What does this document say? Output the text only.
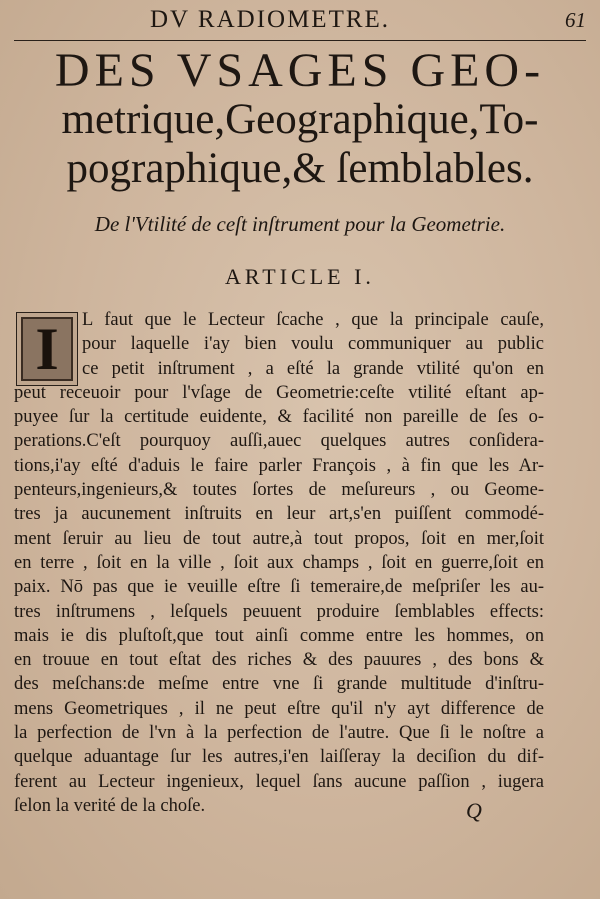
DV RADIOMETRE.	61
DES VSAGES GEO-
metrique,Geographique,To-
pographique,& ſemblables.
De l'Vtilité de ceſt inſtrument pour la Geometrie.
ARTICLE I.
I	L faut que le Lecteur ſcache , que la principale cauſe,
pour laquelle i'ay bien voulu communiquer au public
ce petit inſtrument , a eſté la grande vtilité qu'on en
peut receuoir pour l'vſage de Geometrie:ceſte vtilité eſtant ap-
puyee ſur la certitude euidente, & facilité non pareille de ſes o-
perations.C'eſt pourquoy auſſi,auec quelques autres conſidera-
tions,i'ay eſté d'aduis le faire parler François , à fin que les Ar-
penteurs,ingenieurs,& toutes ſortes de meſureurs , ou Geome-
tres ja aucunement inſtruits en leur art,s'en puiſſent commodé-
ment ſeruir au lieu de tout autre,à tout propos, ſoit en mer,ſoit
en terre , ſoit en la ville , ſoit aux champs , ſoit en guerre,ſoit en
paix. Nō pas que ie veuille eſtre ſi temeraire,de meſpriſer les au-
tres inſtrumens , leſquels peuuent produire ſemblables effects:
mais ie dis pluſtoſt,que tout ainſi comme entre les hommes, on
en trouue en tout eſtat des riches & des pauures , des bons &
des meſchans:de meſme entre vne ſi grande multitude d'inſtru-
mens Geometriques , il ne peut eſtre qu'il n'y ayt difference de
la perfection de l'vn à la perfection de l'autre. Que ſi le noſtre a
quelque aduantage ſur les autres,i'en laiſſeray la deciſion du dif-
ferent au Lecteur ingenieux, lequel ſans aucune paſſion , iugera
ſelon la verité de la choſe.	Q
